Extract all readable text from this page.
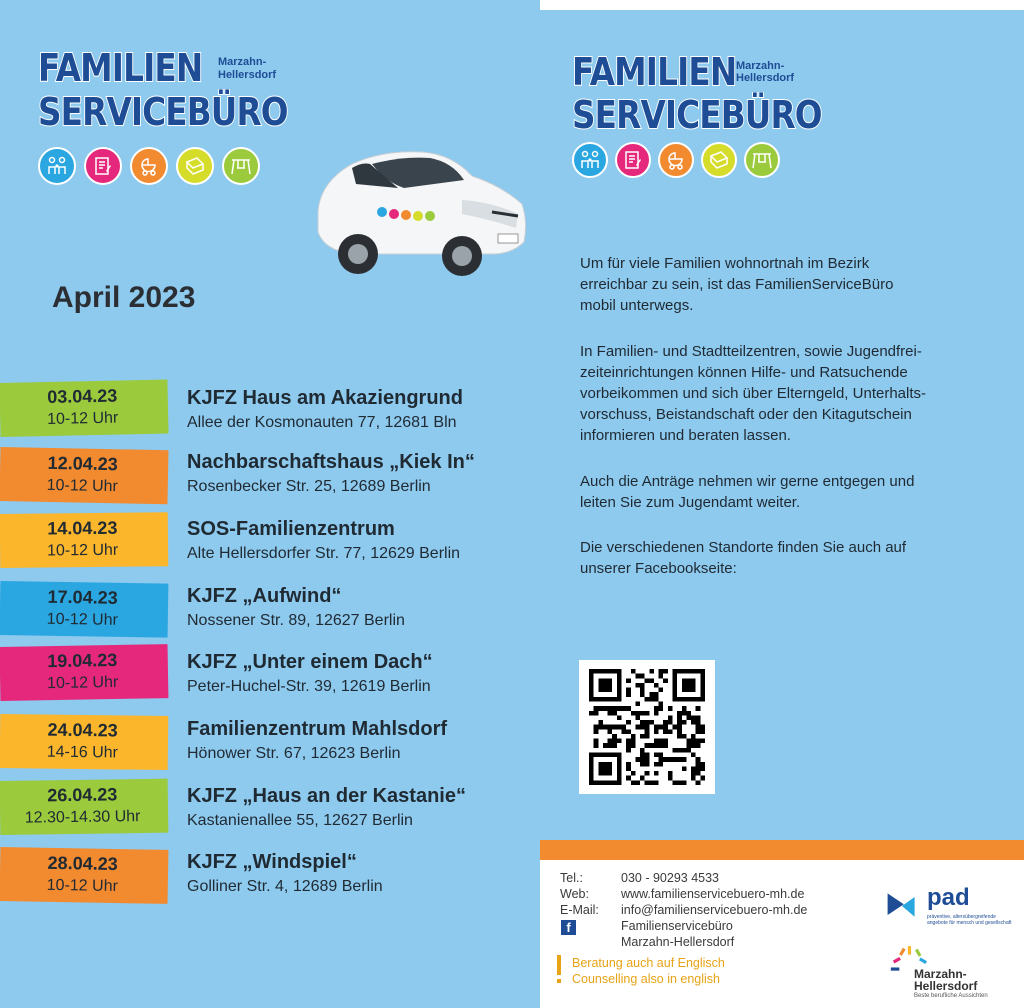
FAMILIEN
SERVICEBÜRO
Marzahn-
Hellersdorf
April 2023
03.04.23
10-12 Uhr
KJFZ Haus am Akaziengrund
Allee der Kosmonauten 77, 12681 Bln
12.04.23
10-12 Uhr
Nachbarschaftshaus „Kiek In“
Rosenbecker Str. 25, 12689 Berlin
14.04.23
10-12 Uhr
SOS-Familienzentrum
Alte Hellersdorfer Str. 77, 12629 Berlin
17.04.23
10-12 Uhr
KJFZ „Aufwind“
Nossener Str. 89, 12627 Berlin
19.04.23
10-12 Uhr
KJFZ „Unter einem Dach“
Peter-Huchel-Str. 39, 12619 Berlin
24.04.23
14-16 Uhr
Familienzentrum Mahlsdorf
Hönower Str. 67, 12623 Berlin
26.04.23
12.30-14.30 Uhr
KJFZ „Haus an der Kastanie“
Kastanienallee 55, 12627 Berlin
28.04.23
10-12 Uhr
KJFZ „Windspiel“
Golliner Str. 4, 12689 Berlin
FAMILIEN
SERVICEBÜRO
Marzahn-
Hellersdorf
Um für viele Familien wohnortnah im Bezirk
erreichbar zu sein, ist das FamilienServiceBüro
mobil unterwegs.
In Familien- und Stadtteilzentren, sowie Jugendfrei-
zeiteinrichtungen können Hilfe- und Ratsuchende
vorbeikommen und sich über Elterngeld, Unterhalts-
vorschuss, Beistandschaft oder den Kitagutschein
informieren und beraten lassen.
Auch die Anträge nehmen wir gerne entgegen und
leiten Sie zum Jugendamt weiter.
Die verschiedenen Standorte finden Sie auch auf
unserer Facebookseite:
Tel.:	030 - 90293 4533
Web:	www.familienservicebuero-mh.de
E-Mail: info@familienservicebuero-mh.de
f	Familienservicebüro
Marzahn-Hellersdorf
Beratung auch auf Englisch
Counselling also in english
pad
präventive, altersübergreifende
angebote für mensch und gesellschaft
Marzahn-
Hellersdorf
Beste berufliche Aussichten
